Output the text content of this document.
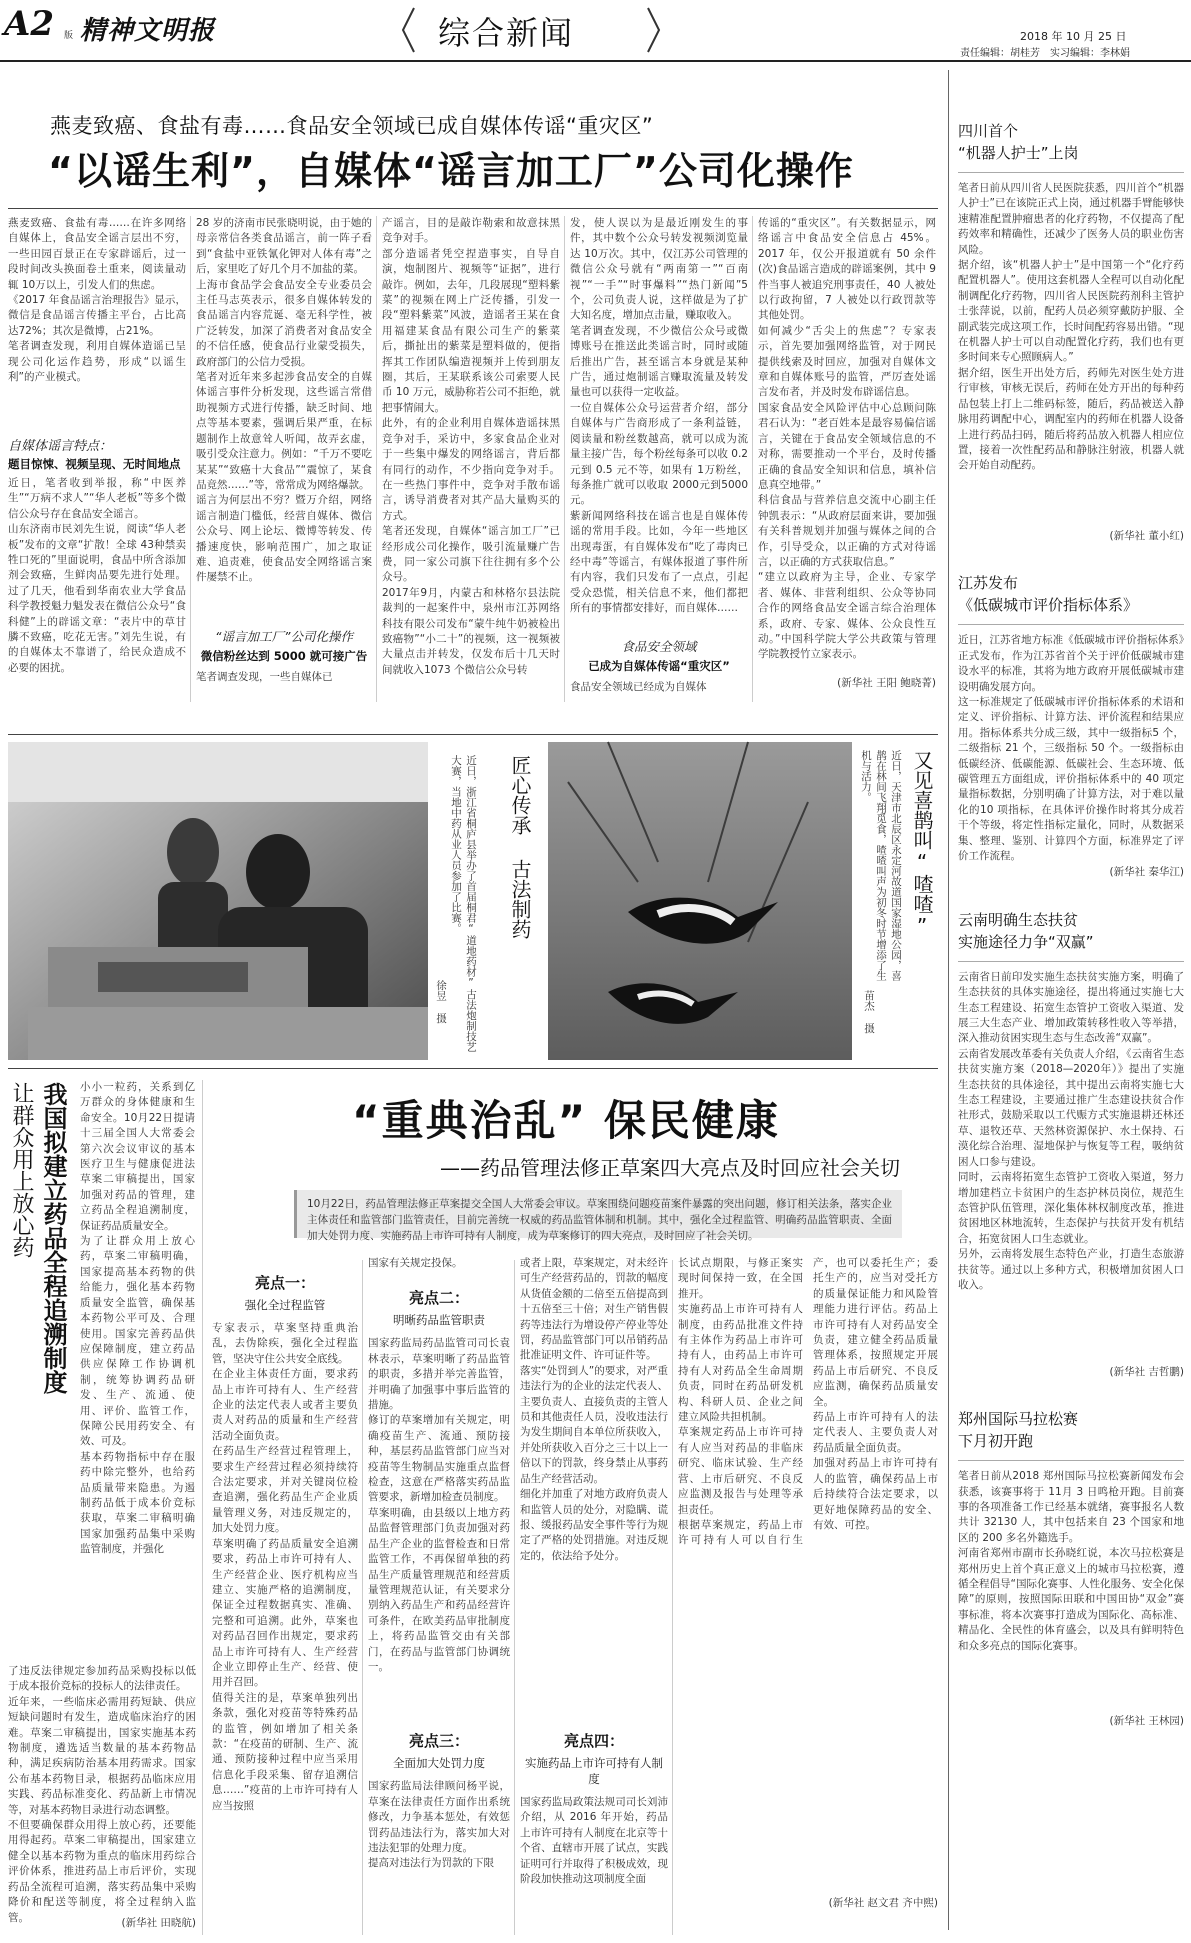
A2 版 精神文明报	综合新闻	2018 年 10 月 25 日
责任编辑：胡桂芳　实习编辑：李林娟
燕麦致癌、食盐有毒……食品安全领域已成自媒体传谣“重灾区”
“以谣生利”，自媒体“谣言加工厂”公司化操作
燕麦致癌、食盐有毒……在许多网络自媒体上，食品安全谣言层出不穷，一些田园百景正在专家辟谣后，过一段时间改头换面卷土重来，阅读量动辄 10万以上，引发人们的焦虑。
《2017 年食品谣言治理报告》显示，微信是食品谣言传播主平台，占比高达72%；其次是微博，占21%。
笔者调查发现，利用自媒体造谣已呈现公司化运作趋势，形成“以谣生利”的产业模式。
自媒体谣言特点：
题目惊悚、视频呈现、无时间地点
近日，笔者收到举报，称“中医养生”“万病不求人”“华人老板”等多个微信公众号存在食品安全谣言。
山东济南市民刘先生说，阅读“华人老板”发布的文章“扩散！全球 43种禁卖牲口死的”里面说明，食品中所含添加剂会致癌，生鲜肉品要先进行处理。过了几天，他看到华南农业大学食品科学教授魁力魁发表在微信公众号“食科健”上的辟谣文章：“表片中的草甘膦不致癌，吃花无害。”刘先生说，有的自媒体太不靠谱了，给民众造成不必要的困扰。
28 岁的济南市民张晓明说，由于她的母亲常信各类食品谣言，前一阵子看到“食盐中亚铁氰化钾对人体有毒”之后，家里吃了好几个月不加盐的菜。
上海市食品学会食品安全专业委员会主任马志英表示，很多自媒体转发的食品谣言内容荒诞、毫无科学性，被广泛转发，加深了消费者对食品安全的不信任感，使食品行业蒙受损失，政府部门的公信力受损。
笔者对近年来多起涉食品安全的自媒体谣言事件分析发现，这些谣言常借助视频方式进行传播，缺乏时间、地点等基本要素，强调后果严重，在标题制作上故意耸人听闻，故弄玄虚，吸引受众注意力。例如：“千万不要吃某某”“致癌十大食品”“震惊了，某食品竟然……”等，常常成为网络爆款。
谣言为何层出不穷？暨万介绍，网络谣言制造门槛低，经营自媒体、微信公众号、网上论坛、微博等转发、传播速度快，影响范围广，加之取证难、追责难，使食品安全网络谣言案件屡禁不止。
“谣言加工厂”公司化操作
微信粉丝达到 5000 就可接广告
笔者调查发现，一些自媒体已
产谣言，目的是敲诈勒索和故意抹黑竞争对手。
部分造谣者凭空捏造事实，自导自演，炮制图片、视频等“证据”，进行敲诈。例如，去年，几段展现“塑料紫菜”的视频在网上广泛传播，引发一段“塑料紫菜”风波，造谣者王某在食用福建某食品有限公司生产的紫菜后，撕扯出的紫菜是塑料做的，便指挥其工作团队编造视频并上传到朋友圈，其后，王某联系该公司索要人民币 10 万元，威胁称若公司不拒绝，就把事情闹大。
此外，有的企业利用自媒体造谣抹黑竞争对手，采访中，多家食品企业对于一些集中爆发的网络谣言，背后都有同行的动作，不少指向竞争对手。在一些热门事件中，竞争对手散布谣言，诱导消费者对其产品大量购买的方式。
笔者还发现，自媒体“谣言加工厂”已经形成公司化操作，吸引流量赚广告费，同一家公司旗下往往拥有多个公众号。
2017年9月，内蒙古和林格尔县法院裁判的一起案件中，泉州市江苏网络科技有限公司发布“蒙牛纯牛奶被检出致癌物”“小二十”的视频，这一视频被大量点击并转发，仅发布后十几天时间就收入1073 个微信公众号转
发，使人误以为是最近刚发生的事件，其中数个公众号转发视频浏览量达 10万次。其中，仅江苏公司管理的微信公众号就有“两南第一”“百南视”“一手”“时事爆料”“热门新闻”5个，公司负责人说，这样做是为了扩大知名度，增加点击量，赚取收入。
笔者调查发现，不少微信公众号或微博账号在推送此类谣言时，同时或随后推出广告，甚至谣言本身就是某种广告，通过炮制谣言赚取流量及转发量也可以获得一定收益。
一位自媒体公众号运营者介绍，部分自媒体与广告商形成了一条利益链，阅读量和粉丝数越高，就可以成为流量主接广告，每个粉丝每条可以收 0.2 元到 0.5 元不等，如果有 1万粉丝，每条推广就可以收取 2000元到5000 元。
紫新闻网络科技在谣言也是自媒体传谣的常用手段。比如，今年一些地区出现毒蛋，有自媒体发布“吃了毒肉已经中毒”等谣言，有媒体报道了事件所有内容，我们只发布了一点点，引起受众恐慌，相关信息不来，他们都把所有的事情都安排好，而自媒体……
食品安全领域
已成为自媒体传谣“重灾区”
食品安全领域已经成为自媒体
传谣的“重灾区”。有关数据显示，网络谣言中食品安全信息占 45%。2017 年，仅公开报道就有 50 余件(次)食品谣言造成的辟谣案例，其中 9件当事人被追究刑事责任，40 人被处以行政拘留，7 人被处以行政罚款等其他处罚。
如何减少“舌尖上的焦虑”？专家表示，首先要加强网络监管，对于网民提供线索及时回应，加强对自媒体文章和自媒体账号的监管，严厉查处谣言发布者，并及时发布辟谣信息。
国家食品安全风险评估中心总顾问陈君石认为：“老百姓本是最容易偏信谣言，关键在于食品安全领域信息的不对称，需要推动一个平台，及时传播正确的食品安全知识和信息，填补信息真空地带。”
科信食品与营养信息交流中心副主任钟凯表示：“从政府层面来讲，要加强有关科普规划并加强与媒体之间的合作，引导受众，以正确的方式对待谣言，以正确的方式获取信息。”
“建立以政府为主导，企业、专家学者、媒体、非营利组织、公众等协同合作的网络食品安全谣言综合治理体系，政府、专家、媒体、公众良性互动。”中国科学院大学公共政策与管理学院教授竹立家表示。
(新华社 王阳 鲍晓菁)
四川首个
“机器人护士”上岗
笔者日前从四川省人民医院获悉，四川首个“机器人护士”已在该院正式上岗，通过机器手臂能够快速精准配置肿瘤患者的化疗药物，不仅提高了配药效率和精确性，还减少了医务人员的职业伤害风险。
据介绍，该“机器人护士”是中国第一个“化疗药配置机器人”。使用这套机器人全程可以自动化配制调配化疗药物，四川省人民医院药剂科主管护士张萍说，以前，配药人员必须穿戴防护服、全副武装完成这项工作，长时间配药容易出错。“现在机器人护士可以自动配置化疗药，我们也有更多时间来专心照顾病人。”
据介绍，医生开出处方后，药师先对医生处方进行审核，审核无误后，药师在处方开出的每种药品包装上打上二维码标签，随后，药品被送入静脉用药调配中心，调配室内的药师在机器人设备上进行药品扫码，随后将药品放入机器人相应位置，接着一次性配药品和静脉注射液，机器人就会开始自动配药。
(新华社 董小红)
江苏发布
《低碳城市评价指标体系》
近日，江苏省地方标准《低碳城市评价指标体系》正式发布，作为江苏省首个关于评价低碳城市建设水平的标准，其将为地方政府开展低碳城市建设明确发展方向。
这一标准规定了低碳城市评价指标体系的术语和定义、评价指标、计算方法、评价流程和结果应用。指标体系共分成三级，其中一级指标5 个，二级指标 21 个，三级指标 50 个。一级指标由低碳经济、低碳能源、低碳社会、生态环境、低碳管理五方面组成，评价指标体系中的 40 项定量指标数据，分别明确了计算方法，对于难以量化的10 项指标，在具体评价操作时将其分成若干个等级，将定性指标定量化，同时，从数据采集、整理、鉴别、计算四个方面，标准界定了评价工作流程。
(新华社 秦华江)
云南明确生态扶贫
实施途径力争“双赢”
云南省日前印发实施生态扶贫实施方案，明确了生态扶贫的具体实施途径，提出将通过实施七大生态工程建设、拓宽生态管护工资收入渠道、发展三大生态产业、增加政策转移性收入等举措，深入推动贫困实现生态与生态改善“双赢”。
云南省发展改革委有关负责人介绍，《云南省生态扶贫实施方案（2018—2020年）》提出了实施生态扶贫的具体途径，其中提出云南将实施七大生态工程建设，主要通过推广生态建设扶贫合作社形式，鼓励采取以工代赈方式实施退耕还林还草、退牧还草、天然林资源保护、水土保持、石漠化综合治理、湿地保护与恢复等工程，吸纳贫困人口参与建设。
同时，云南将拓宽生态管护工资收入渠道，努力增加建档立卡贫困户的生态护林员岗位，规范生态管护队伍管理，深化集体林权制度改革，推进贫困地区林地流转，生态保护与扶贫开发有机结合，拓宽贫困人口生态就业。
另外，云南将发展生态特色产业，打造生态旅游扶贫等。通过以上多种方式，积极增加贫困人口收入。
(新华社 吉哲鹏)
郑州国际马拉松赛
下月初开跑
笔者日前从2018 郑州国际马拉松赛新闻发布会获悉，该赛事将于 11月 3 日鸣枪开跑。目前赛事的各项准备工作已经基本就绪，赛事报名人数共计 32130 人，其中包括来自 23 个国家和地区的 200 多名外籍选手。
河南省郑州市副市长孙晓红说，本次马拉松赛是郑州历史上首个真正意义上的城市马拉松赛，遵循全程倡导“国际化赛事、人性化服务、安全化保障”的原则，按照国际田联和中国田协“双金”赛事标准，将本次赛事打造成为国际化、高标准、精品化、全民性的体育盛会，以及具有鲜明特色和众多亮点的国际化赛事。
(新华社 王林园)
匠心传承 古法制药
近日，浙江省桐庐县举办了首届桐君“道地药材”古法炮制技艺大赛，当地中药从业人员参加了比赛。
徐昱 摄
又见喜鹊叫“喳喳”
近日，天津市北辰区永定河故道国家湿地公园，喜鹊在林间飞翔觅食，喳喳叫声为初冬时节增添了生机与活力。
苗杰 摄
让群众用上放心药 我国拟建立药品全程追溯制度	小小一粒药，关系到亿万群众的身体健康和生命安全。10月22日提请十三届全国人大常委会第六次会议审议的基本医疗卫生与健康促进法草案二审稿提出，国家加强对药品的管理，建立药品全程追溯制度，保证药品质量安全。
为了让群众用上放心药，草案二审稿明确，国家提高基本药物的供给能力，强化基本药物质量安全监管，确保基本药物公平可及、合理使用。国家完善药品供应保障制度，建立药品供应保障工作协调机制，统筹协调药品研发、生产、流通、使用、评价、监管工作，保障公民用药安全、有效、可及。
基本药物指标中存在服药中除完整外，也给药品质量带来隐患。为遏制药品低于成本价竞标获取，草案二审稿明确国家加强药品集中采购监管制度，并强化
了违反法律规定参加药品采购投标以低于成本报价竞标的投标人的法律责任。
近年来，一些临床必需用药短缺、供应短缺问题时有发生，造成临床治疗的困难。草案二审稿提出，国家实施基本药物制度，遴选适当数量的基本药物品种，满足疾病防治基本用药需求。国家公布基本药物目录，根据药品临床应用实践、药品标准变化、药品新上市情况等，对基本药物目录进行动态调整。
不但要确保群众用得上放心药，还要能用得起药。草案二审稿提出，国家建立健全以基本药物为重点的临床用药综合评价体系，推进药品上市后评价，实现药品全流程可追溯，落实药品集中采购降价和配送等制度，将全过程纳入监管。	(新华社 田晓航)
“重典治乱” 保民健康
——药品管理法修正草案四大亮点及时回应社会关切
10月22日，药品管理法修正草案提交全国人大常委会审议。草案围绕问题疫苗案件暴露的突出问题，修订相关法条，落实企业主体责任和监管部门监管责任，目前完善统一权威的药品监管体制和机制。其中，强化全过程监管、明确药品监管职责、全面加大处罚力度、实施药品上市许可持有人制度，成为草案修订的四大亮点，及时回应了社会关切。
亮点一：
强化全过程监管
专家表示，草案坚持重典治乱，去伪除疾，强化全过程监管，坚决守住公共安全底线。
在企业主体责任方面，要求药品上市许可持有人、生产经营企业的法定代表人或者主要负责人对药品的质量和生产经营活动全面负责。
在药品生产经营过程管理上，要求生产经营过程必须持续符合法定要求，并对关键岗位检查追溯，强化药品生产企业质量管理义务，对违反规定的，加大处罚力度。
草案明确了药品质量安全追溯要求，药品上市许可持有人、生产经营企业、医疗机构应当建立、实施严格的追溯制度，保证全过程数据真实、准确、完整和可追溯。此外，草案也对药品召回作出规定，要求药品上市许可持有人、生产经营企业立即停止生产、经营、使用并召回。
值得关注的是，草案单独列出条款，强化对疫苗等特殊药品的监管，例如增加了相关条款：“在疫苗的研制、生产、流通、预防接种过程中应当采用信息化手段采集、留存追溯信息……”疫苗的上市许可持有人应当按照
国家有关规定投保。
亮点二：
明晰药品监管职责
国家药监局药品监管司司长袁林表示，草案明晰了药品监管的职责，多措并举完善监管，并明确了加强事中事后监管的措施。
修订的草案增加有关规定，明确疫苗生产、流通、预防接种，基层药品监管部门应当对疫苗等生物制品实施重点监督检查，这意在严格落实药品监管要求，新增加检查员制度。
草案明确，由县级以上地方药品监督管理部门负责加强对药品生产企业的监督检查和日常监管工作，不再保留单独的药品生产质量管理规范和经营质量管理规范认证，有关要求分别纳入药品生产和药品经营许可条件，在欧美药品审批制度上，将药品监管交由有关部门，在药品与监管部门协调统一。
亮点三：
全面加大处罚力度
国家药监局法律顾问杨平说，草案在法律责任方面作出系统修改，力争基本惩处，有效惩罚药品违法行为，落实加大对违法犯罪的处理力度。
提高对违法行为罚款的下限
或者上限，草案规定，对未经许可生产经营药品的，罚款的幅度从货值金额的二倍至五倍提高到十五倍至三十倍；对生产销售假药等违法行为增设停产停业等处罚，药品监管部门可以吊销药品批准证明文件、许可证件等。
落实“处罚到人”的要求，对严重违法行为的企业的法定代表人、主要负责人、直接负责的主管人员和其他责任人员，没收违法行为发生期间自本单位所获收入，并处所获收入百分之三十以上一倍以下的罚款，终身禁止从事药品生产经营活动。
细化并加重了对地方政府负责人和监管人员的处分，对隐瞒、谎报、缓报药品安全事件等行为规定了严格的处罚措施。对违反规定的，依法给予处分。
亮点四：
实施药品上市许可持有人制度
国家药监局政策法规司司长刘沛介绍，从 2016 年开始，药品上市许可持有人制度在北京等十个省、直辖市开展了试点，实践证明可行并取得了积极成效，现阶段加快推动这项制度全面
长试点期限，与修正案实现时间保持一致，在全国推开。
实施药品上市许可持有人制度，由药品批准文件持有主体作为药品上市许可持有人，由药品上市许可持有人对药品全生命周期负责，同时在药品研发机构、科研人员、企业之间建立风险共担机制。
草案规定药品上市许可持有人应当对药品的非临床研究、临床试验、生产经营、上市后研究、不良反应监测及报告与处理等承担责任。
根据草案规定，药品上市许可持有人可以自行生产，也可以委托生产；委托生产的，应当对受托方的质量保证能力和风险管理能力进行评估。药品上市许可持有人对药品安全负责，建立健全药品质量管理体系，按照规定开展药品上市后研究、不良反应监测，确保药品质量安全。
药品上市许可持有人的法定代表人、主要负责人对药品质量全面负责。
加强对药品上市许可持有人的监管，确保药品上市后持续符合法定要求，以更好地保障药品的安全、有效、可控。
(新华社 赵文君 齐中熙)
